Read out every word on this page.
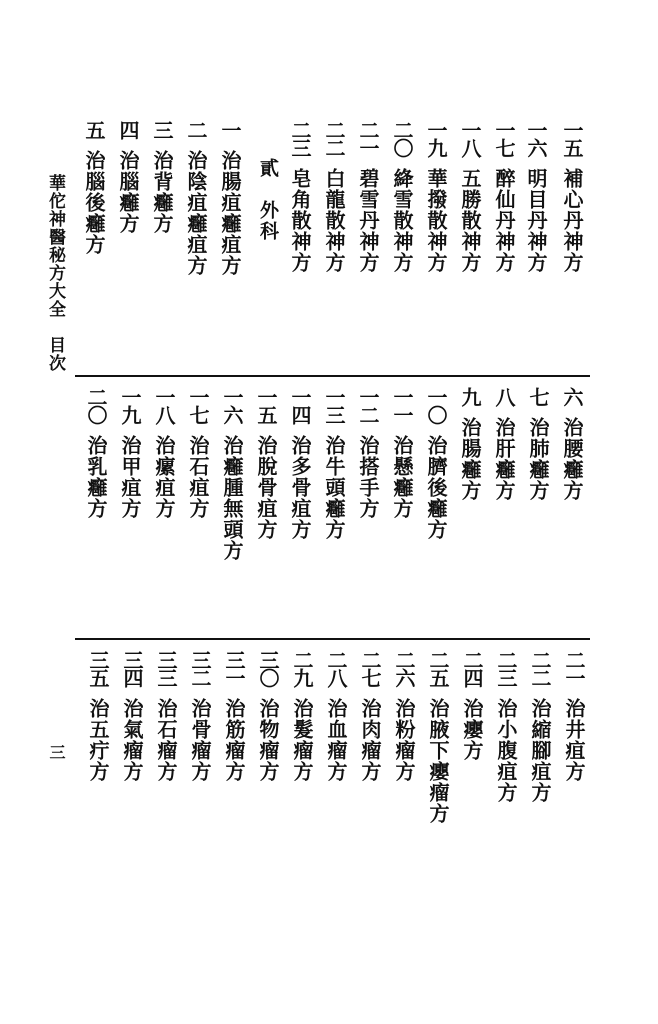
華佗神醫秘方大全　目次
三
一五
補心丹神方
一六
明目丹神方
一七
醉仙丹神方
一八
五勝散神方
一九
華撥散神方
二〇
絳雪散神方
二一
碧雪丹神方
二二
白龍散神方
二三
皂角散神方
貳　外科
一
治腸疽癰疽方
二
治陰疽癰疽方
三
治背癰方
四
治腦癰方
五
治腦後癰方
六
治腰癰方
七
治肺癰方
八
治肝癰方
九
治腸癰方
一〇
治臍後癰方
一一
治懸癰方
一二
治搭手方
一三
治牛頭癰方
一四
治多骨疽方
一五
治脫骨疽方
一六
治癰腫無頭方
一七
治石疽方
一八
治瘰疽方
一九
治甲疽方
二〇
治乳癰方
二一
治井疽方
二二
治縮腳疽方
二三
治小腹疽方
二四
治癭方
二五
治腋下癭瘤方
二六
治粉瘤方
二七
治肉瘤方
二八
治血瘤方
二九
治髮瘤方
三〇
治物瘤方
三一
治筋瘤方
三二
治骨瘤方
三三
治石瘤方
三四
治氣瘤方
三五
治五疔方
